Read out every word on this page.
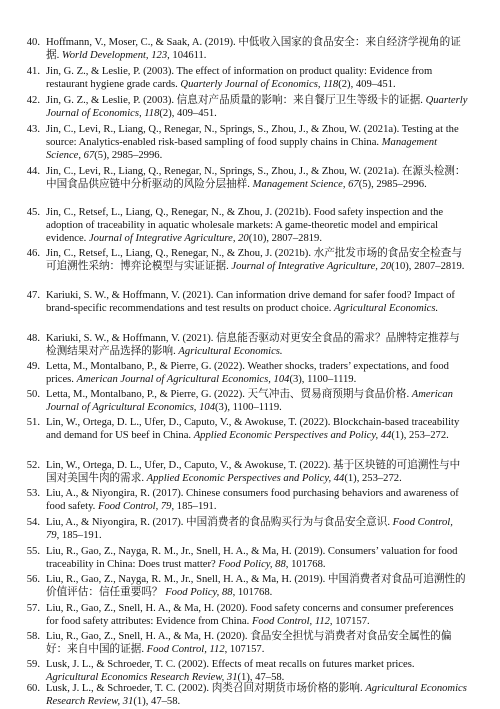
40. Hoffmann, V., Moser, C., & Saak, A. (2019). 中低收入国家的食品安全：来自经济学视角的证据. World Development, 123, 104611.
41. Jin, G. Z., & Leslie, P. (2003). The effect of information on product quality: Evidence from restaurant hygiene grade cards. Quarterly Journal of Economics, 118(2), 409–451.
42. Jin, G. Z., & Leslie, P. (2003). 信息对产品质量的影响：来自餐厅卫生等级卡的证据. Quarterly Journal of Economics, 118(2), 409–451.
43. Jin, C., Levi, R., Liang, Q., Renegar, N., Springs, S., Zhou, J., & Zhou, W. (2021a). Testing at the source: Analytics-enabled risk-based sampling of food supply chains in China. Management Science, 67(5), 2985–2996.
44. Jin, C., Levi, R., Liang, Q., Renegar, N., Springs, S., Zhou, J., & Zhou, W. (2021a). 在源头检测：中国食品供应链中分析驱动的风险分层抽样. Management Science, 67(5), 2985–2996.
45. Jin, C., Retsef, L., Liang, Q., Renegar, N., & Zhou, J. (2021b). Food safety inspection and the adoption of traceability in aquatic wholesale markets: A game-theoretic model and empirical evidence. Journal of Integrative Agriculture, 20(10), 2807–2819.
46. Jin, C., Retsef, L., Liang, Q., Renegar, N., & Zhou, J. (2021b). 水产批发市场的食品安全检查与可追溯性采纳：博弈论模型与实证证据. Journal of Integrative Agriculture, 20(10), 2807–2819.
47. Kariuki, S. W., & Hoffmann, V. (2021). Can information drive demand for safer food? Impact of brand-specific recommendations and test results on product choice. Agricultural Economics.
48. Kariuki, S. W., & Hoffmann, V. (2021). 信息能否驱动对更安全食品的需求？品牌特定推荐与检测结果对产品选择的影响. Agricultural Economics.
49. Letta, M., Montalbano, P., & Pierre, G. (2022). Weather shocks, traders’ expectations, and food prices. American Journal of Agricultural Economics, 104(3), 1100–1119.
50. Letta, M., Montalbano, P., & Pierre, G. (2022). 天气冲击、贸易商预期与食品价格. American Journal of Agricultural Economics, 104(3), 1100–1119.
51. Lin, W., Ortega, D. L., Ufer, D., Caputo, V., & Awokuse, T. (2022). Blockchain-based traceability and demand for US beef in China. Applied Economic Perspectives and Policy, 44(1), 253–272.
52. Lin, W., Ortega, D. L., Ufer, D., Caputo, V., & Awokuse, T. (2022). 基于区块链的可追溯性与中国对美国牛肉的需求. Applied Economic Perspectives and Policy, 44(1), 253–272.
53. Liu, A., & Niyongira, R. (2017). Chinese consumers food purchasing behaviors and awareness of food safety. Food Control, 79, 185–191.
54. Liu, A., & Niyongira, R. (2017). 中国消费者的食品购买行为与食品安全意识. Food Control, 79, 185–191.
55. Liu, R., Gao, Z., Nayga, R. M., Jr., Snell, H. A., & Ma, H. (2019). Consumers’ valuation for food traceability in China: Does trust matter? Food Policy, 88, 101768.
56. Liu, R., Gao, Z., Nayga, R. M., Jr., Snell, H. A., & Ma, H. (2019). 中国消费者对食品可追溯性的价值评估：信任重要吗？ Food Policy, 88, 101768.
57. Liu, R., Gao, Z., Snell, H. A., & Ma, H. (2020). Food safety concerns and consumer preferences for food safety attributes: Evidence from China. Food Control, 112, 107157.
58. Liu, R., Gao, Z., Snell, H. A., & Ma, H. (2020). 食品安全担忧与消费者对食品安全属性的偏好：来自中国的证据. Food Control, 112, 107157.
59. Lusk, J. L., & Schroeder, T. C. (2002). Effects of meat recalls on futures market prices. Agricultural Economics Research Review, 31(1), 47–58.
60. Lusk, J. L., & Schroeder, T. C. (2002). 肉类召回对期货市场价格的影响. Agricultural Economics Research Review, 31(1), 47–58.
